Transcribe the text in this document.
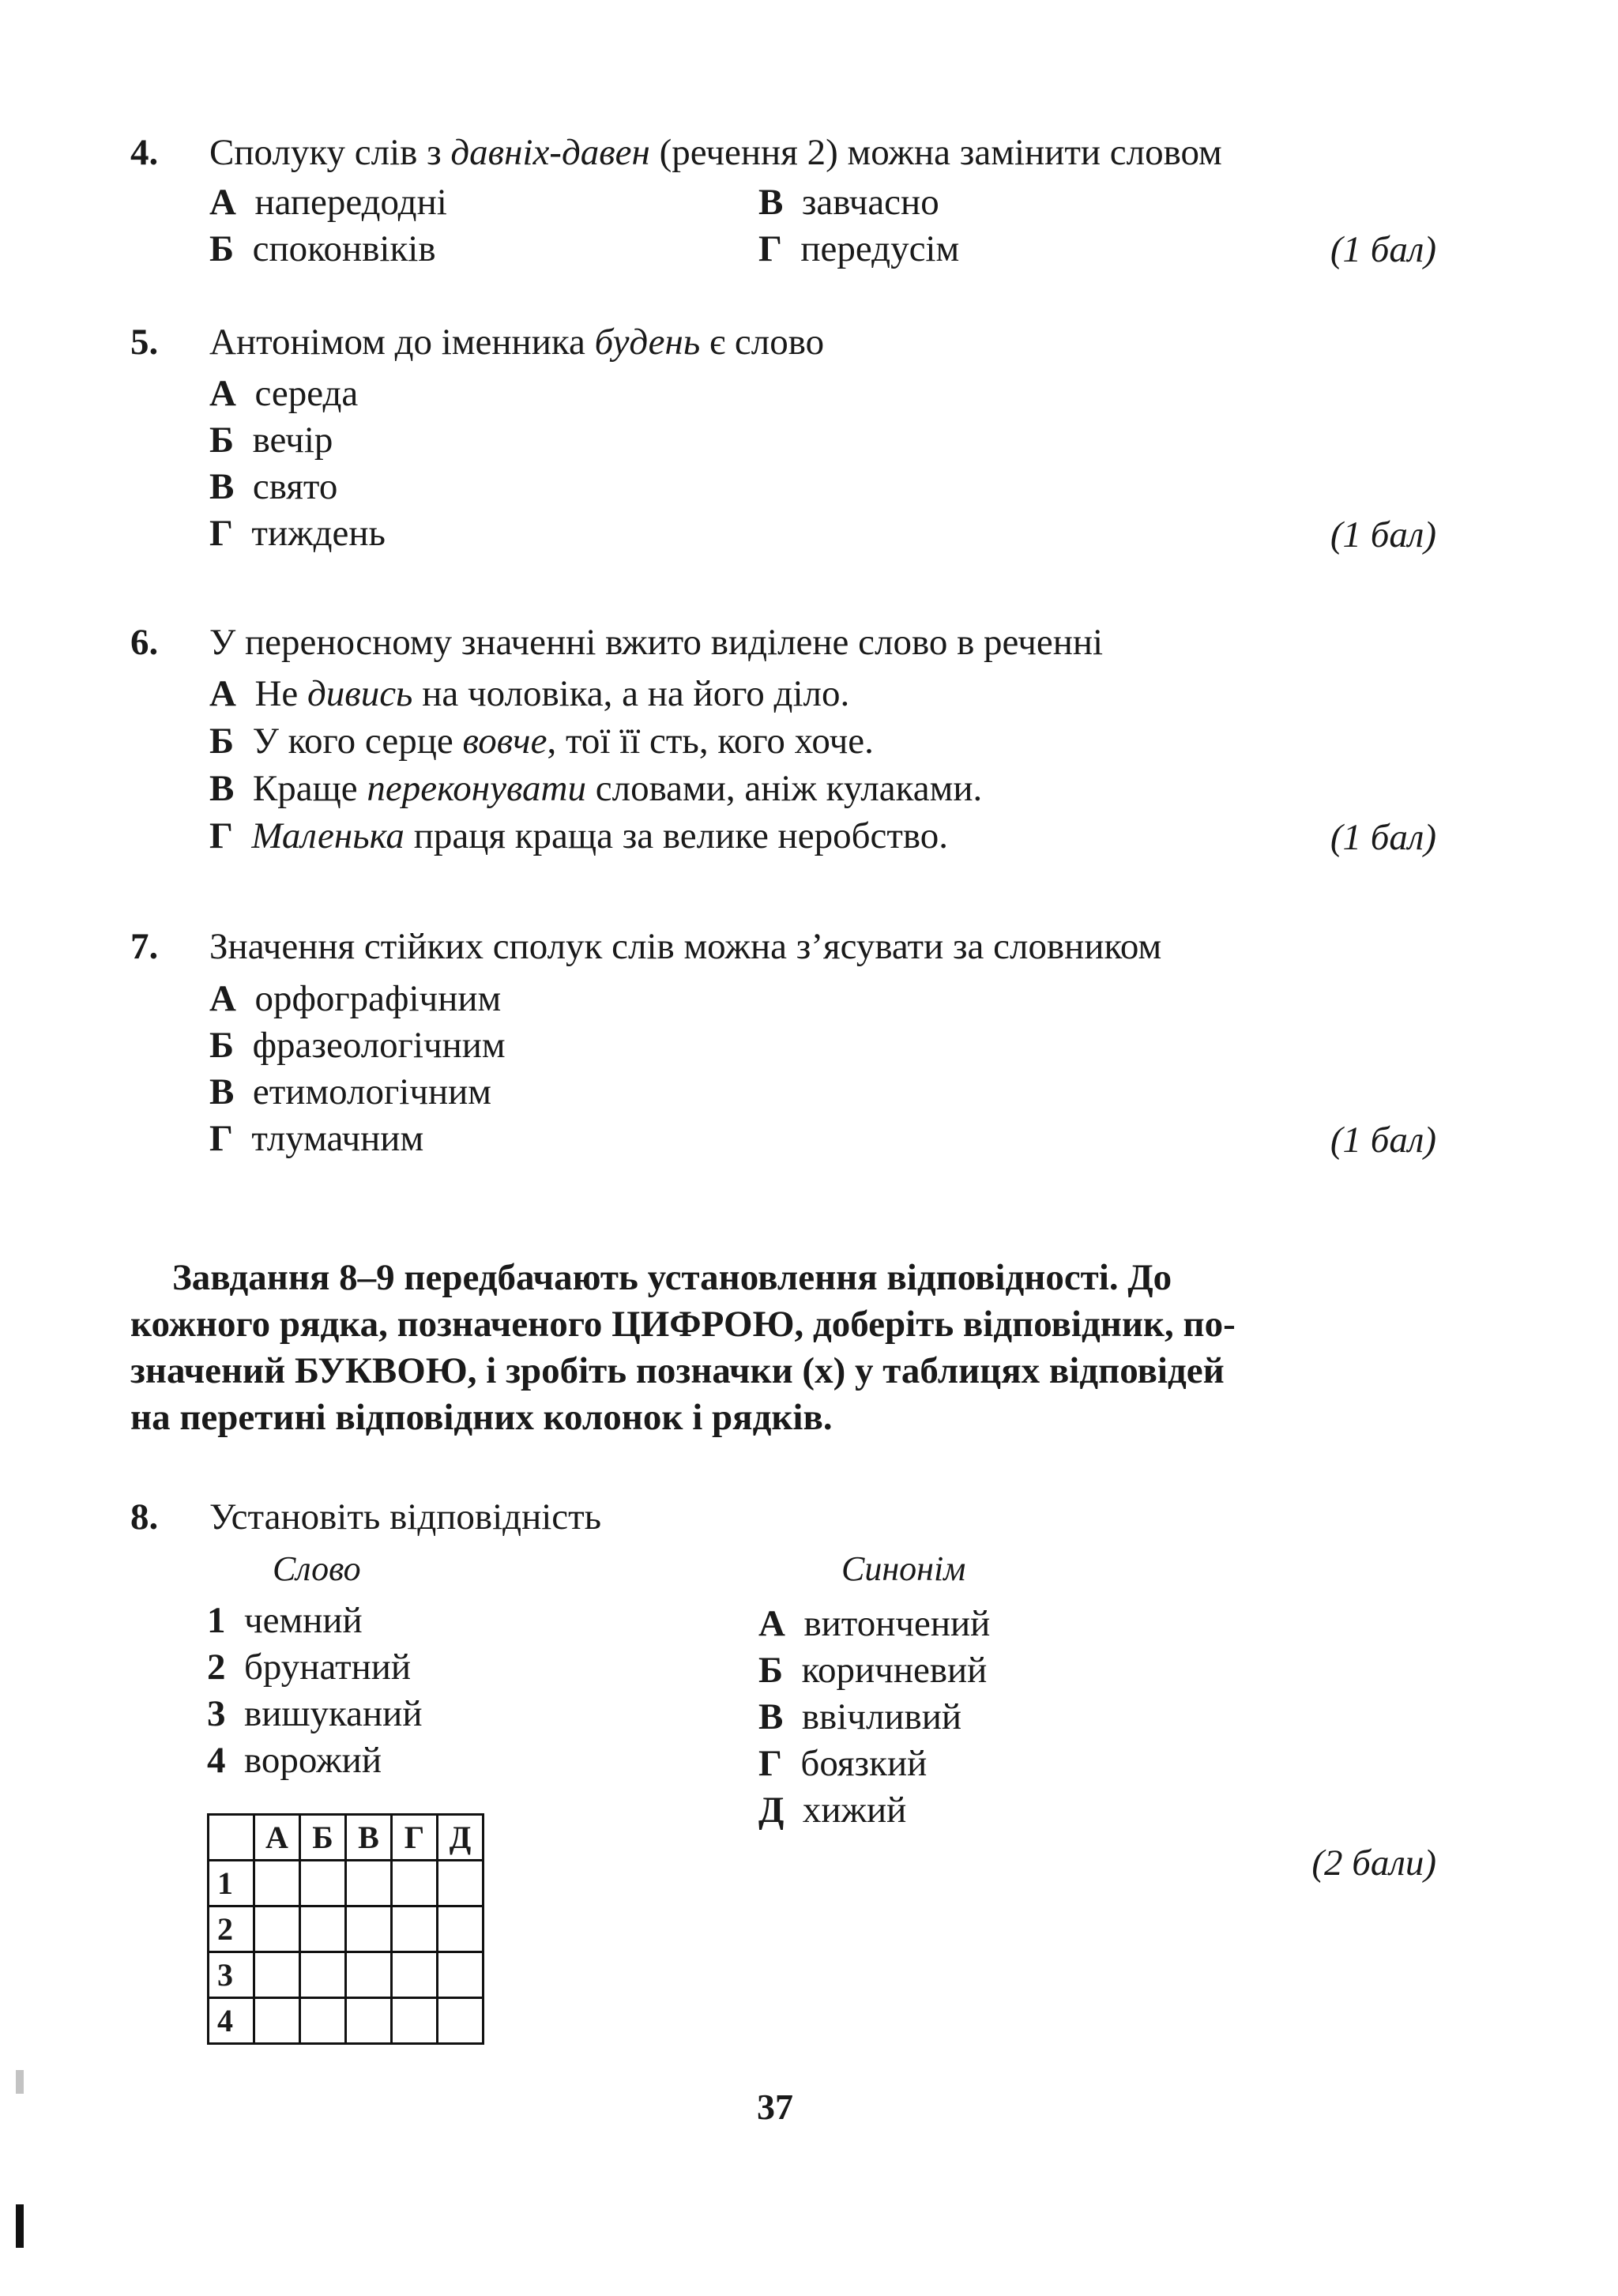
4. Сполуку слів з давніх-давен (речення 2) можна замінити словом
А напередодні
Б споконвіків
В завчасно
Г передусім	(1 бал)
5. Антонімом до іменника будень є слово
А середа
Б вечір
В свято
Г тиждень	(1 бал)
6. У переносному значенні вжито виділене слово в реченні
А Не дивись на чоловіка, а на його діло.
Б У кого серце вовче, тої її сть, кого хоче.
В Краще переконувати словами, аніж кулаками.
Г Маленька праця краща за велике неробство.	(1 бал)
7. Значення стійких сполук слів можна з’ясувати за словником
А орфографічним
Б фразеологічним
В етимологічним
Г тлумачним	(1 бал)
Завдання 8–9 передбачають установлення відповідності. До
кожного рядка, позначеного ЦИФРОЮ, доберіть відповідник, по-
значений БУКВОЮ, і зробіть позначки (х) у таблицях відповідей
на перетині відповідних колонок і рядків.
8. Установіть відповідність
Слово	Синонім
1 чемний
2 брунатний
3 вишуканий
4 ворожий
А витончений
Б коричневий
В ввічливий
Г боязкий
Д хижий
(2 бали)
	А	Б	В	Г	Д
1					
2					
3					
4					
37
